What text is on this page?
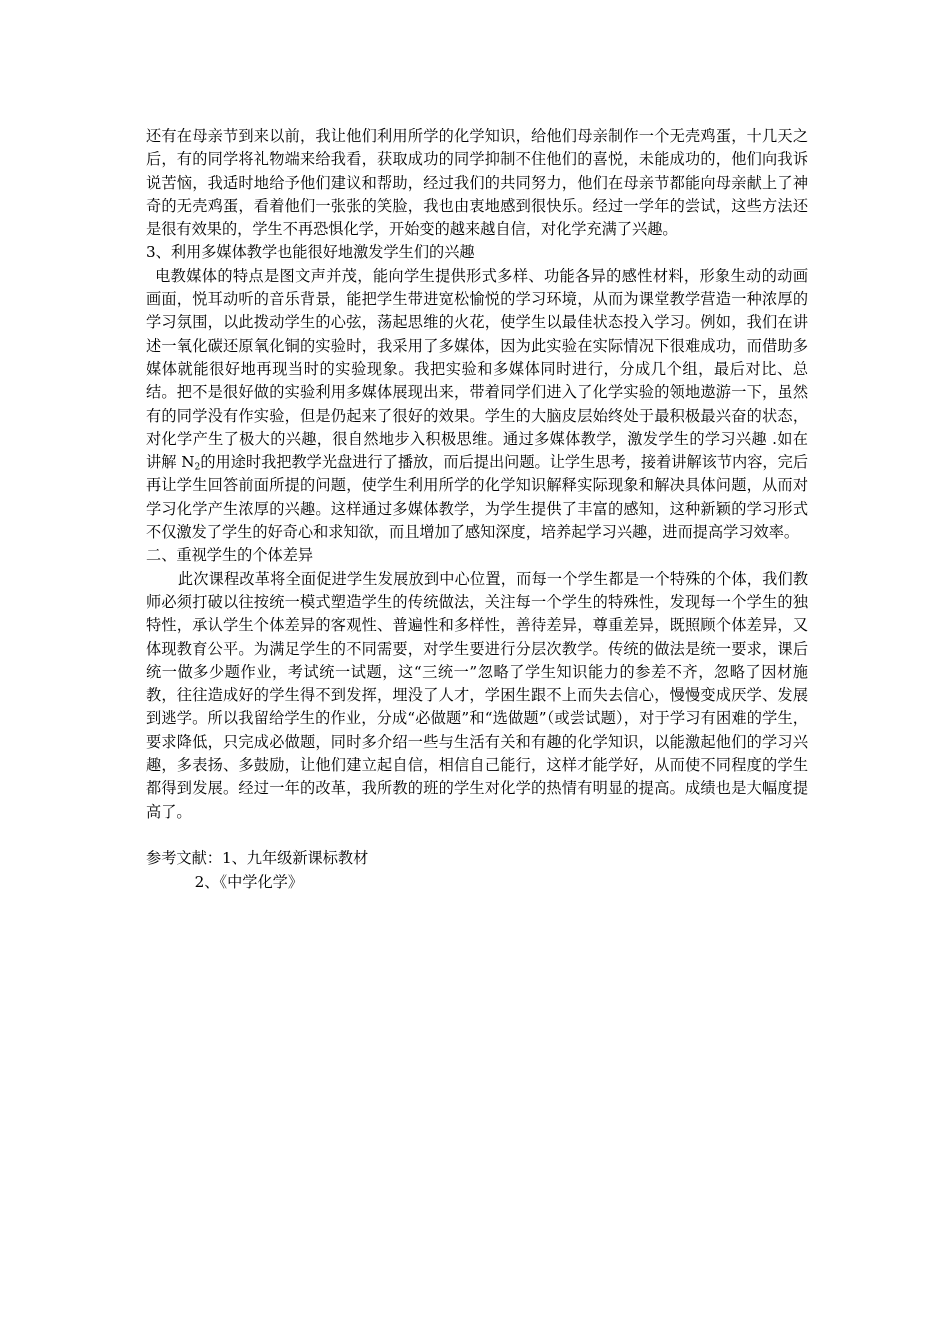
还有在母亲节到来以前，我让他们利用所学的化学知识，给他们母亲制作一个无壳鸡蛋，十几天之后，有的同学将礼物端来给我看，获取成功的同学抑制不住他们的喜悦，未能成功的，他们向我诉说苦恼，我适时地给予他们建议和帮助，经过我们的共同努力，他们在母亲节都能向母亲献上了神奇的无壳鸡蛋，看着他们一张张的笑脸，我也由衷地感到很快乐。经过一学年的尝试，这些方法还是很有效果的，学生不再恐惧化学，开始变的越来越自信，对化学充满了兴趣。

3、利用多媒体教学也能很好地激发学生们的兴趣

电教媒体的特点是图文声并茂，能向学生提供形式多样、功能各异的感性材料，形象生动的动画画面，悦耳动听的音乐背景，能把学生带进宽松愉悦的学习环境，从而为课堂教学营造一种浓厚的学习氛围，以此拨动学生的心弦，荡起思维的火花，使学生以最佳状态投入学习。例如，我们在讲述一氧化碳还原氧化铜的实验时，我采用了多媒体，因为此实验在实际情况下很难成功，而借助多媒体就能很好地再现当时的实验现象。我把实验和多媒体同时进行，分成几个组，最后对比、总结。把不是很好做的实验利用多媒体展现出来，带着同学们进入了化学实验的领地遨游一下，虽然有的同学没有作实验，但是仍起来了很好的效果。学生的大脑皮层始终处于最积极最兴奋的状态，对化学产生了极大的兴趣，很自然地步入积极思维。通过多媒体教学，激发学生的学习兴趣 .如在讲解 $N_2$的用途时我把教学光盘进行了播放，而后提出问题。让学生思考，接着讲解该节内容，完后再让学生回答前面所提的问题，使学生利用所学的化学知识解释实际现象和解决具体问题，从而对学习化学产生浓厚的兴趣。这样通过多媒体教学，为学生提供了丰富的感知，这种新颖的学习形式不仅激发了学生的好奇心和求知欲，而且增加了感知深度，培养起学习兴趣，进而提高学习效率。

二、重视学生的个体差异

此次课程改革将全面促进学生发展放到中心位置，而每一个学生都是一个特殊的个体，我们教师必须打破以往按统一模式塑造学生的传统做法，关注每一个学生的特殊性，发现每一个学生的独特性，承认学生个体差异的客观性、普遍性和多样性，善待差异，尊重差异，既照顾个体差异，又体现教育公平。为满足学生的不同需要，对学生要进行分层次教学。传统的做法是统一要求，课后统一做多少题作业，考试统一试题，这“三统一”忽略了学生知识能力的参差不齐，忽略了因材施教，往往造成好的学生得不到发挥，埋没了人才，学困生跟不上而失去信心，慢慢变成厌学、发展到逃学。所以我留给学生的作业，分成“必做题”和“选做题”（或尝试题），对于学习有困难的学生，要求降低，只完成必做题，同时多介绍一些与生活有关和有趣的化学知识，以能激起他们的学习兴趣，多表扬、多鼓励，让他们建立起自信，相信自己能行，这样才能学好，从而使不同程度的学生都得到发展。经过一年的改革，我所教的班的学生对化学的热情有明显的提高。成绩也是大幅度提高了。

参考文献：1、九年级新课标教材

2、《中学化学》
